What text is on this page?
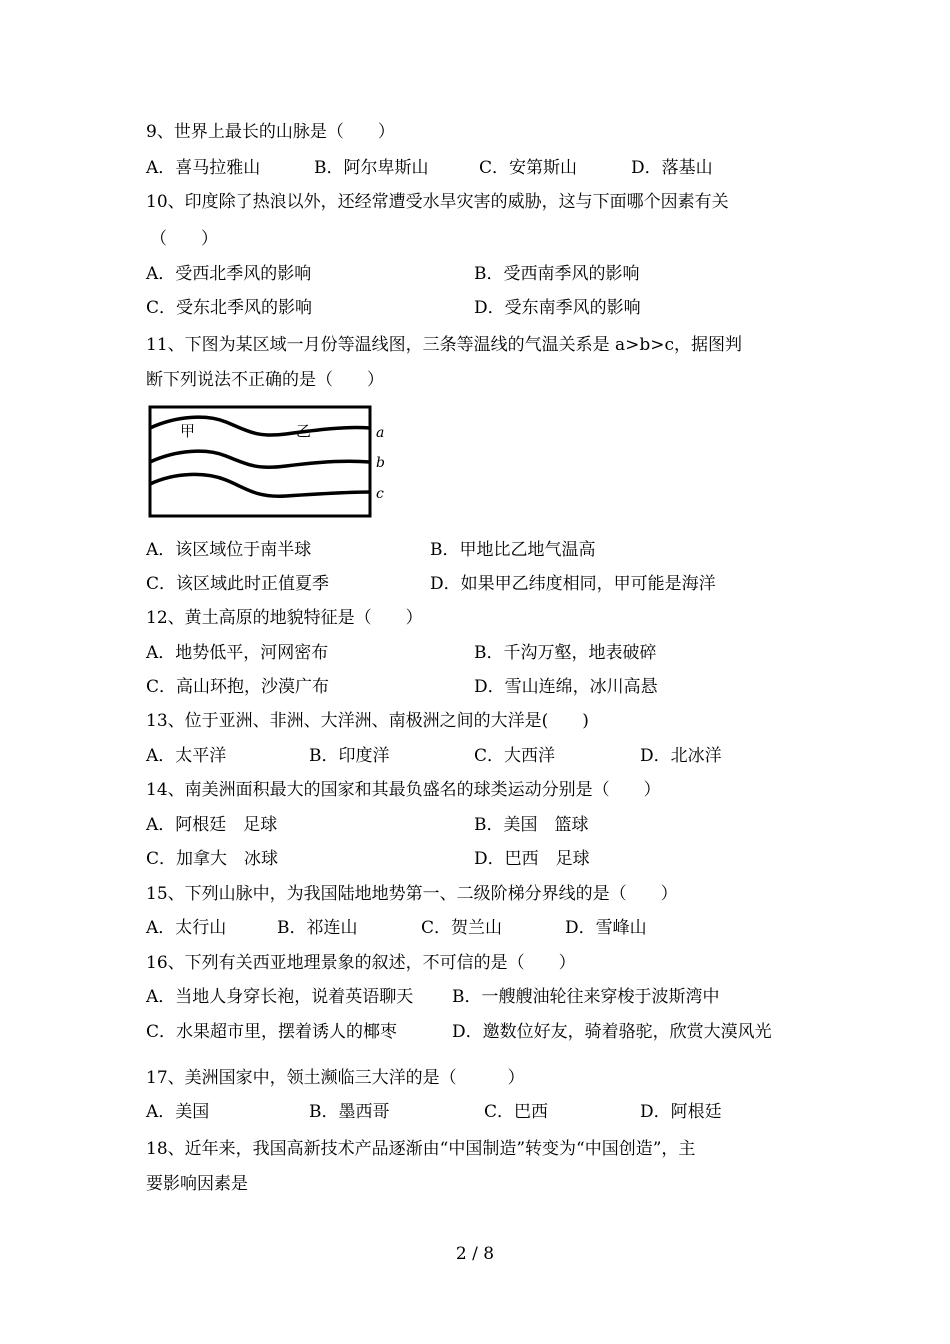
9、世界上最长的山脉是（　　）
A．喜马拉雅山	B．阿尔卑斯山	C．安第斯山	D．落基山
10、印度除了热浪以外，还经常遭受水旱灾害的威胁，这与下面哪个因素有关
（　　）
A．受西北季风的影响	B．受西南季风的影响
C．受东北季风的影响	D．受东南季风的影响
11、下图为某区域一月份等温线图，三条等温线的气温关系是 a>b>c，据图判
断下列说法不正确的是（　　）
甲	乙	a
b
c
A．该区域位于南半球	B．甲地比乙地气温高
C．该区域此时正值夏季	D．如果甲乙纬度相同，甲可能是海洋
12、黄土高原的地貌特征是（　　）
A．地势低平，河网密布	B．千沟万壑，地表破碎
C．高山环抱，沙漠广布	D．雪山连绵，冰川高悬
13、位于亚洲、非洲、大洋洲、南极洲之间的大洋是(　　)
A．太平洋	B．印度洋	C．大西洋	D．北冰洋
14、南美洲面积最大的国家和其最负盛名的球类运动分别是（　　）
A．阿根廷　足球	B．美国　篮球
C．加拿大　冰球	D．巴西　足球
15、下列山脉中，为我国陆地地势第一、二级阶梯分界线的是（　　）
A．太行山	B．祁连山	C．贺兰山	D．雪峰山
16、下列有关西亚地理景象的叙述，不可信的是（　　）
A．当地人身穿长袍，说着英语聊天 B．一艘艘油轮往来穿梭于波斯湾中
C．水果超市里，摆着诱人的椰枣	D．邀数位好友，骑着骆驼，欣赏大漠风光
17、美洲国家中，领土濒临三大洋的是（　　　）
A．美国	B．墨西哥	C．巴西	D．阿根廷
18、近年来，我国高新技术产品逐渐由“中国制造”转变为“中国创造”，主
要影响因素是
2 / 8
